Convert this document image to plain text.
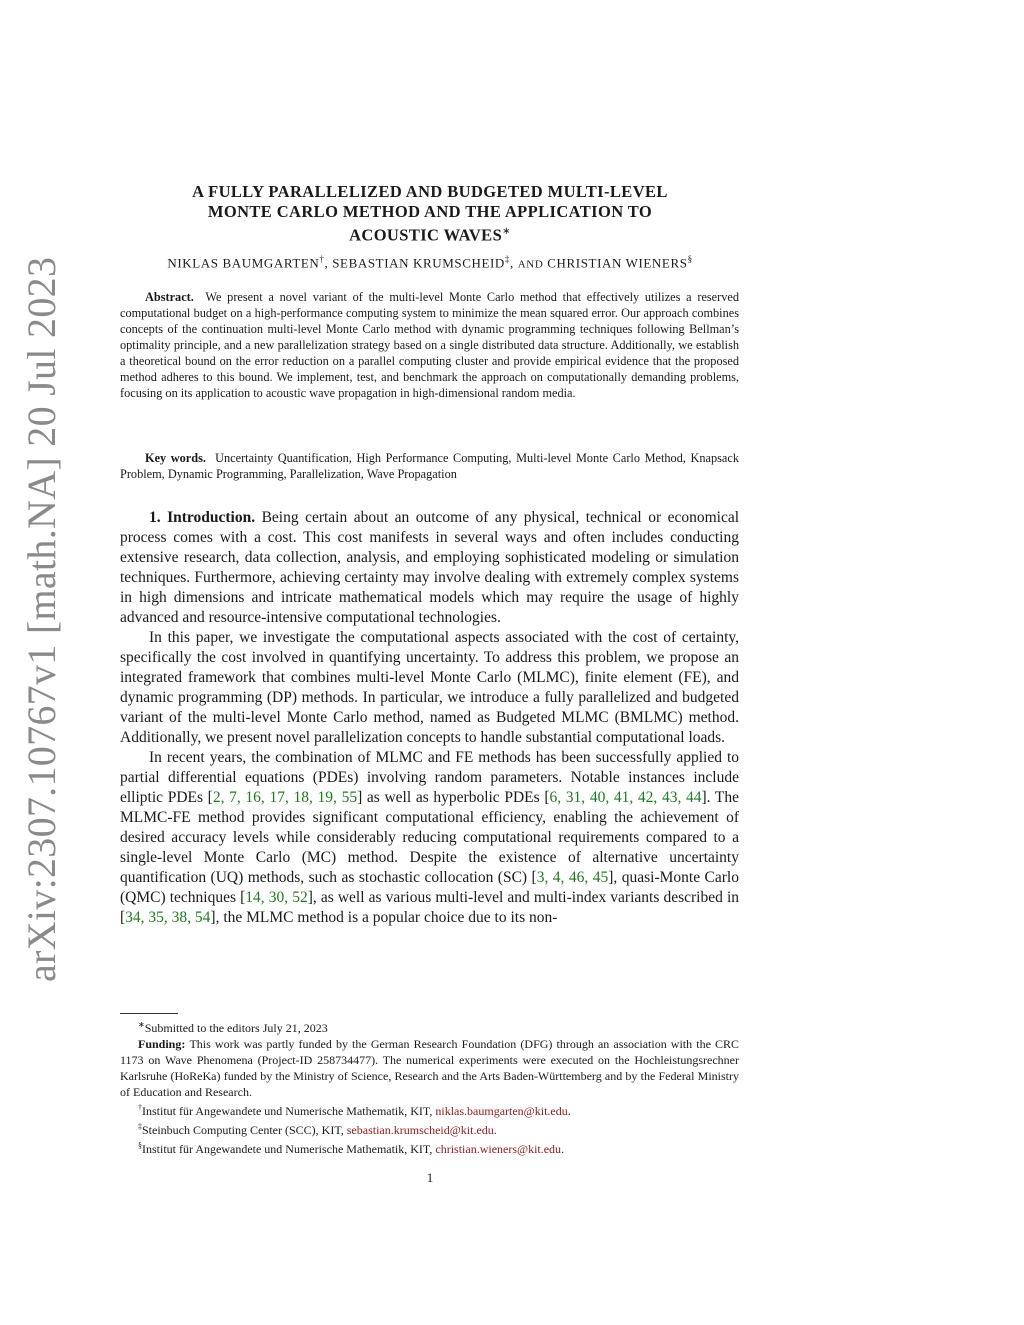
arXiv:2307.10767v1 [math.NA] 20 Jul 2023
A FULLY PARALLELIZED AND BUDGETED MULTI-LEVEL
MONTE CARLO METHOD AND THE APPLICATION TO
ACOUSTIC WAVES∗
NIKLAS BAUMGARTEN†, SEBASTIAN KRUMSCHEID‡, AND CHRISTIAN WIENERS§

Abstract. We present a novel variant of the multi-level Monte Carlo method that effectively utilizes a reserved computational budget on a high-performance computing system to minimize the mean squared error. Our approach combines concepts of the continuation multi-level Monte Carlo method with dynamic programming techniques following Bellman’s optimality principle, and a new parallelization strategy based on a single distributed data structure. Additionally, we establish a theoretical bound on the error reduction on a parallel computing cluster and provide empirical evidence that the proposed method adheres to this bound. We implement, test, and benchmark the approach on computationally demanding problems, focusing on its application to acoustic wave propagation in high-dimensional random media.

Key words. Uncertainty Quantification, High Performance Computing, Multi-level Monte Carlo Method, Knapsack Problem, Dynamic Programming, Parallelization, Wave Propagation

1. Introduction. Being certain about an outcome of any physical, technical or economical process comes with a cost. This cost manifests in several ways and often includes conducting extensive research, data collection, analysis, and employing sophisticated modeling or simulation techniques. Furthermore, achieving certainty may involve dealing with extremely complex systems in high dimensions and intricate mathematical models which may require the usage of highly advanced and resource-intensive computational technologies.

In this paper, we investigate the computational aspects associated with the cost of certainty, specifically the cost involved in quantifying uncertainty. To address this problem, we propose an integrated framework that combines multi-level Monte Carlo (MLMC), finite element (FE), and dynamic programming (DP) methods. In particular, we introduce a fully parallelized and budgeted variant of the multi-level Monte Carlo method, named as Budgeted MLMC (BMLMC) method. Additionally, we present novel parallelization concepts to handle substantial computational loads.

In recent years, the combination of MLMC and FE methods has been successfully applied to partial differential equations (PDEs) involving random parameters. Notable instances include elliptic PDEs [2, 7, 16, 17, 18, 19, 55] as well as hyperbolic PDEs [6, 31, 40, 41, 42, 43, 44]. The MLMC-FE method provides significant computational efficiency, enabling the achievement of desired accuracy levels while considerably reducing computational requirements compared to a single-level Monte Carlo (MC) method. Despite the existence of alternative uncertainty quantification (UQ) methods, such as stochastic collocation (SC) [3, 4, 46, 45], quasi-Monte Carlo (QMC) techniques [14, 30, 52], as well as various multi-level and multi-index variants described in [34, 35, 38, 54], the MLMC method is a popular choice due to its non-

∗Submitted to the editors July 21, 2023

Funding: This work was partly funded by the German Research Foundation (DFG) through an association with the CRC 1173 on Wave Phenomena (Project-ID 258734477). The numerical experiments were executed on the Hochleistungsrechner Karlsruhe (HoReKa) funded by the Ministry of Science, Research and the Arts Baden-Württemberg and by the Federal Ministry of Education and Research.

†Institut für Angewandete und Numerische Mathematik, KIT, niklas.baumgarten@kit.edu.

‡Steinbuch Computing Center (SCC), KIT, sebastian.krumscheid@kit.edu.

§Institut für Angewandete und Numerische Mathematik, KIT, christian.wieners@kit.edu.

1
